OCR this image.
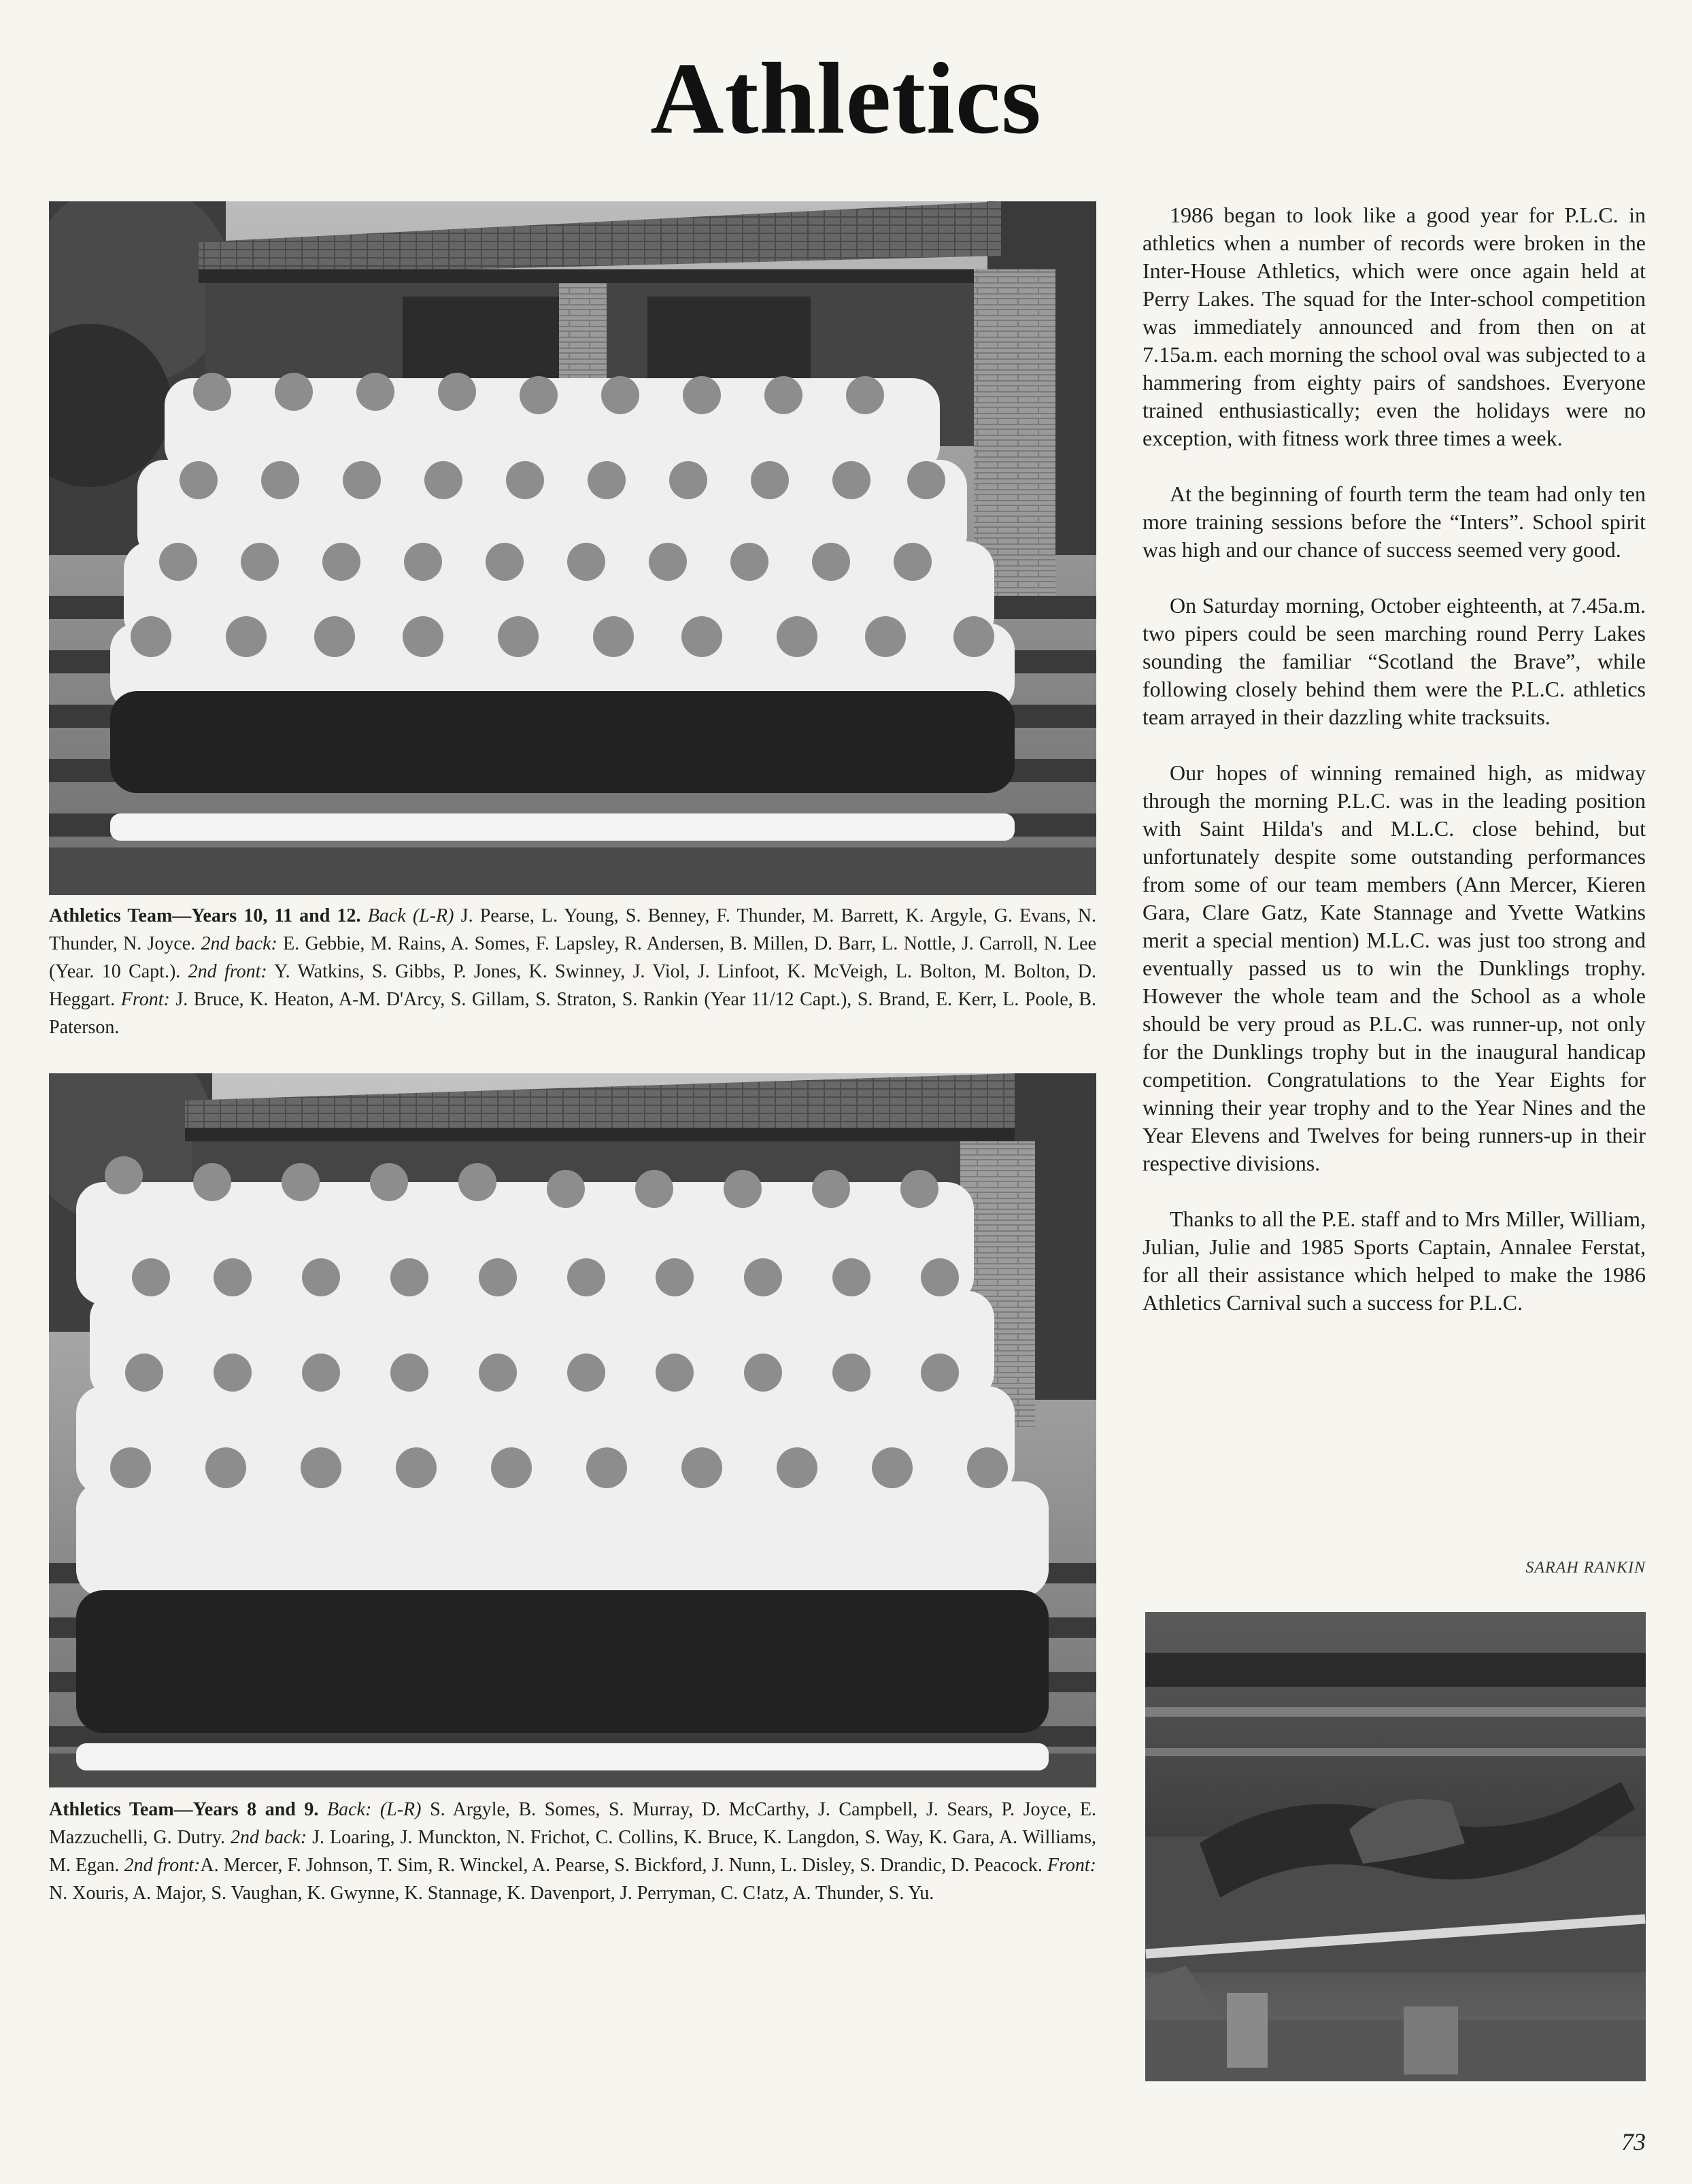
Athletics
Athletics Team—Years 10, 11 and 12. Back (L-R) J. Pearse, L. Young, S. Benney, F. Thunder, M. Barrett, K. Argyle, G. Evans, N. Thunder, N. Joyce. 2nd back: E. Gebbie, M. Rains, A. Somes, F. Lapsley, R. Andersen, B. Millen, D. Barr, L. Nottle, J. Carroll, N. Lee (Year. 10 Capt.). 2nd front: Y. Watkins, S. Gibbs, P. Jones, K. Swinney, J. Viol, J. Linfoot, K. McVeigh, L. Bolton, M. Bolton, D. Heggart. Front: J. Bruce, K. Heaton, A-M. D'Arcy, S. Gillam, S. Straton, S. Rankin (Year 11/12 Capt.), S. Brand, E. Kerr, L. Poole, B. Paterson.
Athletics Team—Years 8 and 9. Back: (L-R) S. Argyle, B. Somes, S. Murray, D. McCarthy, J. Campbell, J. Sears, P. Joyce, E. Mazzuchelli, G. Dutry. 2nd back: J. Loaring, J. Munckton, N. Frichot, C. Collins, K. Bruce, K. Langdon, S. Way, K. Gara, A. Williams, M. Egan. 2nd front:A. Mercer, F. Johnson, T. Sim, R. Winckel, A. Pearse, S. Bickford, J. Nunn, L. Disley, S. Drandic, D. Peacock. Front: N. Xouris, A. Major, S. Vaughan, K. Gwynne, K. Stannage, K. Davenport, J. Perryman, C. C!atz, A. Thunder, S. Yu.

1986 began to look like a good year for P.L.C. in athletics when a number of records were broken in the Inter-House Athletics, which were once again held at Perry Lakes. The squad for the Inter-school competition was immediately announced and from then on at 7.15a.m. each morning the school oval was subjected to a hammering from eighty pairs of sandshoes. Everyone trained enthusiastically; even the holidays were no exception, with fitness work three times a week.

At the beginning of fourth term the team had only ten more training sessions before the “Inters”. School spirit was high and our chance of success seemed very good.

On Saturday morning, October eighteenth, at 7.45a.m. two pipers could be seen marching round Perry Lakes sounding the familiar “Scotland the Brave”, while following closely behind them were the P.L.C. athletics team arrayed in their dazzling white tracksuits.

Our hopes of winning remained high, as midway through the morning P.L.C. was in the leading position with Saint Hilda's and M.L.C. close behind, but unfortunately despite some outstanding performances from some of our team members (Ann Mercer, Kieren Gara, Clare Gatz, Kate Stannage and Yvette Watkins merit a special mention) M.L.C. was just too strong and eventually passed us to win the Dunklings trophy. However the whole team and the School as a whole should be very proud as P.L.C. was runner-up, not only for the Dunklings trophy but in the inaugural handicap competition. Congratulations to the Year Eights for winning their year trophy and to the Year Nines and the Year Elevens and Twelves for being runners-up in their respective divisions.

Thanks to all the P.E. staff and to Mrs Miller, William, Julian, Julie and 1985 Sports Captain, Annalee Ferstat, for all their assistance which helped to make the 1986 Athletics Carnival such a success for P.L.C.

SARAH RANKIN
73
